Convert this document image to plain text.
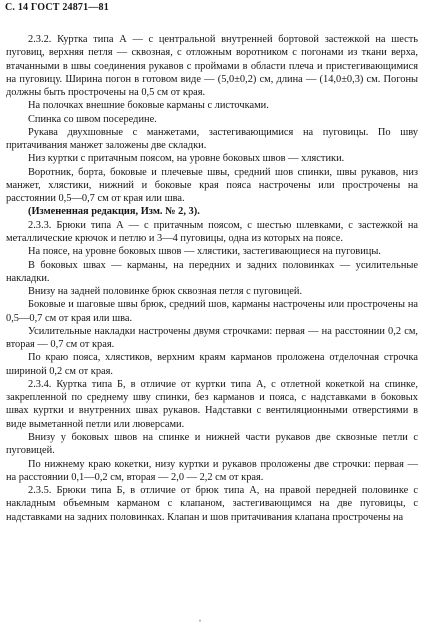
С. 14 ГОСТ 24871—81

2.3.2. Куртка типа А — с центральной внутренней бортовой застежкой на шесть пуговиц, верхняя петля — сквозная, с отложным воротником с погонами из ткани верха, втачанными в швы соединения рукавов с проймами в области плеча и пристегивающимися на пуговицу. Ширина погон в готовом виде — (5,0±0,2) см, длина — (14,0±0,3) см. Погоны должны быть прострочены на 0,5 см от края.

На полочках внешние боковые карманы с листочками.

Спинка со швом посередине.

Рукава двухшовные с манжетами, застегивающимися на пуговицы. По шву притачивания манжет заложены две складки.

Низ куртки с притачным поясом, на уровне боковых швов — хлястики.

Воротник, борта, боковые и плечевые швы, средний шов спинки, швы рукавов, низ манжет, хлястики, нижний и боковые края пояса настрочены или прострочены на расстоянии 0,5—0,7 см от края или шва.

(Измененная редакция, Изм. № 2, 3).

2.3.3. Брюки типа А — с притачным поясом, с шестью шлевками, с застежкой на металлические крючок и петлю и 3—4 пуговицы, одна из которых на поясе.

На поясе, на уровне боковых швов — хлястики, застегивающиеся на пуговицы.

В боковых швах — карманы, на передних и задних половинках — усилительные накладки.

Внизу на задней половинке брюк сквозная петля с пуговицей.

Боковые и шаговые швы брюк, средний шов, карманы настрочены или прострочены на 0,5—0,7 см от края или шва.

Усилительные накладки настрочены двумя строчками: первая — на расстоянии 0,2 см, вторая — 0,7 см от края.

По краю пояса, хлястиков, верхним краям карманов проложена отделочная строчка шириной 0,2 см от края.

2.3.4. Куртка типа Б, в отличие от куртки типа А, с отлетной кокеткой на спинке, закрепленной по среднему шву спинки, без карманов и пояса, с надставками в боковых швах куртки и внутренних швах рукавов. Надставки с вентиляционными отверстиями в виде выметанной петли или люверсами.

Внизу у боковых швов на спинке и нижней части рукавов две сквозные петли с пуговицей.

По нижнему краю кокетки, низу куртки и рукавов проложены две строчки: первая — на расстоянии 0,1—0,2 см, вторая — 2,0 — 2,2 см от края.

2.3.5. Брюки типа Б, в отличие от брюк типа А, на правой передней половинке с накладным объемным карманом с клапаном, застегивающимся на две пуговицы, с надставками на задних половинках. Клапан и шов притачивания клапана прострочены на

ˌ
